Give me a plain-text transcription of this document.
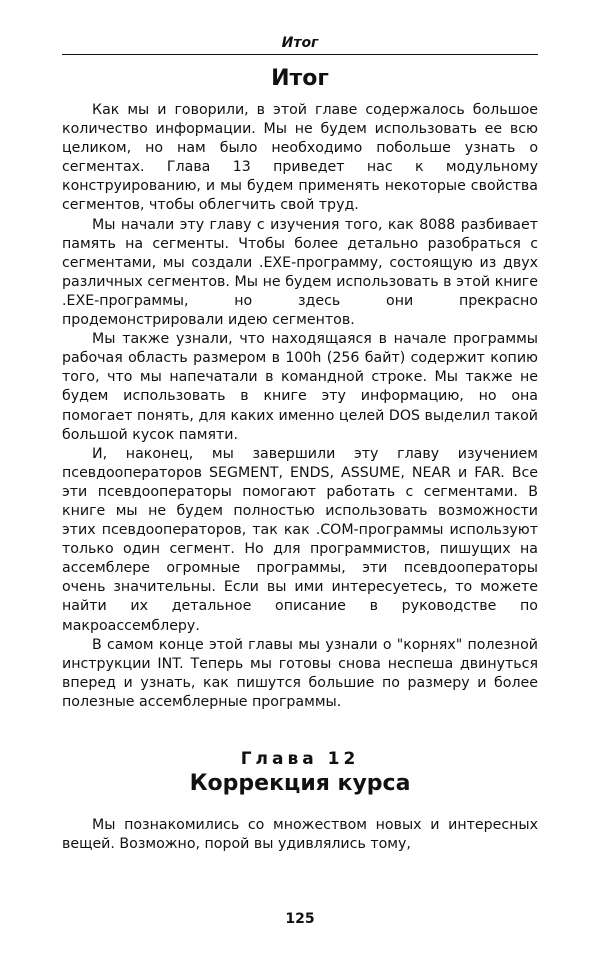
Итог
Итог

Как мы и говорили, в этой главе содержалось большое количество информации. Мы не будем использовать ее всю целиком, но нам было необходимо побольше узнать о сегментах. Глава 13 приведет нас к модульному конструированию, и мы будем применять некоторые свойства сегментов, чтобы облегчить свой труд.

Мы начали эту главу с изучения того, как 8088 разбивает память на сегменты. Чтобы более детально разобраться с сегментами, мы создали .EXE-программу, состоящую из двух различных сегментов. Мы не будем использовать в этой книге .EXE-программы, но здесь они прекрасно продемонстрировали идею сегментов.

Мы также узнали, что находящаяся в начале программы рабочая область размером в 100h (256 байт) содержит копию того, что мы напечатали в командной строке. Мы также не будем использовать в книге эту информацию, но она помогает понять, для каких именно целей DOS выделил такой большой кусок памяти.

И, наконец, мы завершили эту главу изучением псевдооператоров SEGMENT, ENDS, ASSUME, NEAR и FAR. Все эти псевдооператоры помогают работать с сегментами. В книге мы не будем полностью использовать возможности этих псевдооператоров, так как .COM-программы используют только один сегмент. Но для программистов, пишущих на ассемблере огромные программы, эти псевдооператоры очень значительны. Если вы ими интересуетесь, то можете найти их детальное описание в руководстве по макроассемблеру.

В самом конце этой главы мы узнали о "корнях" полезной инструкции INT. Теперь мы готовы снова неспеша двинуться вперед и узнать, как пишутся большие по размеру и более полезные ассемблерные программы.

Глава 12
Коррекция курса

Мы познакомились со множеством новых и интересных вещей. Возможно, порой вы удивлялись тому,

125
